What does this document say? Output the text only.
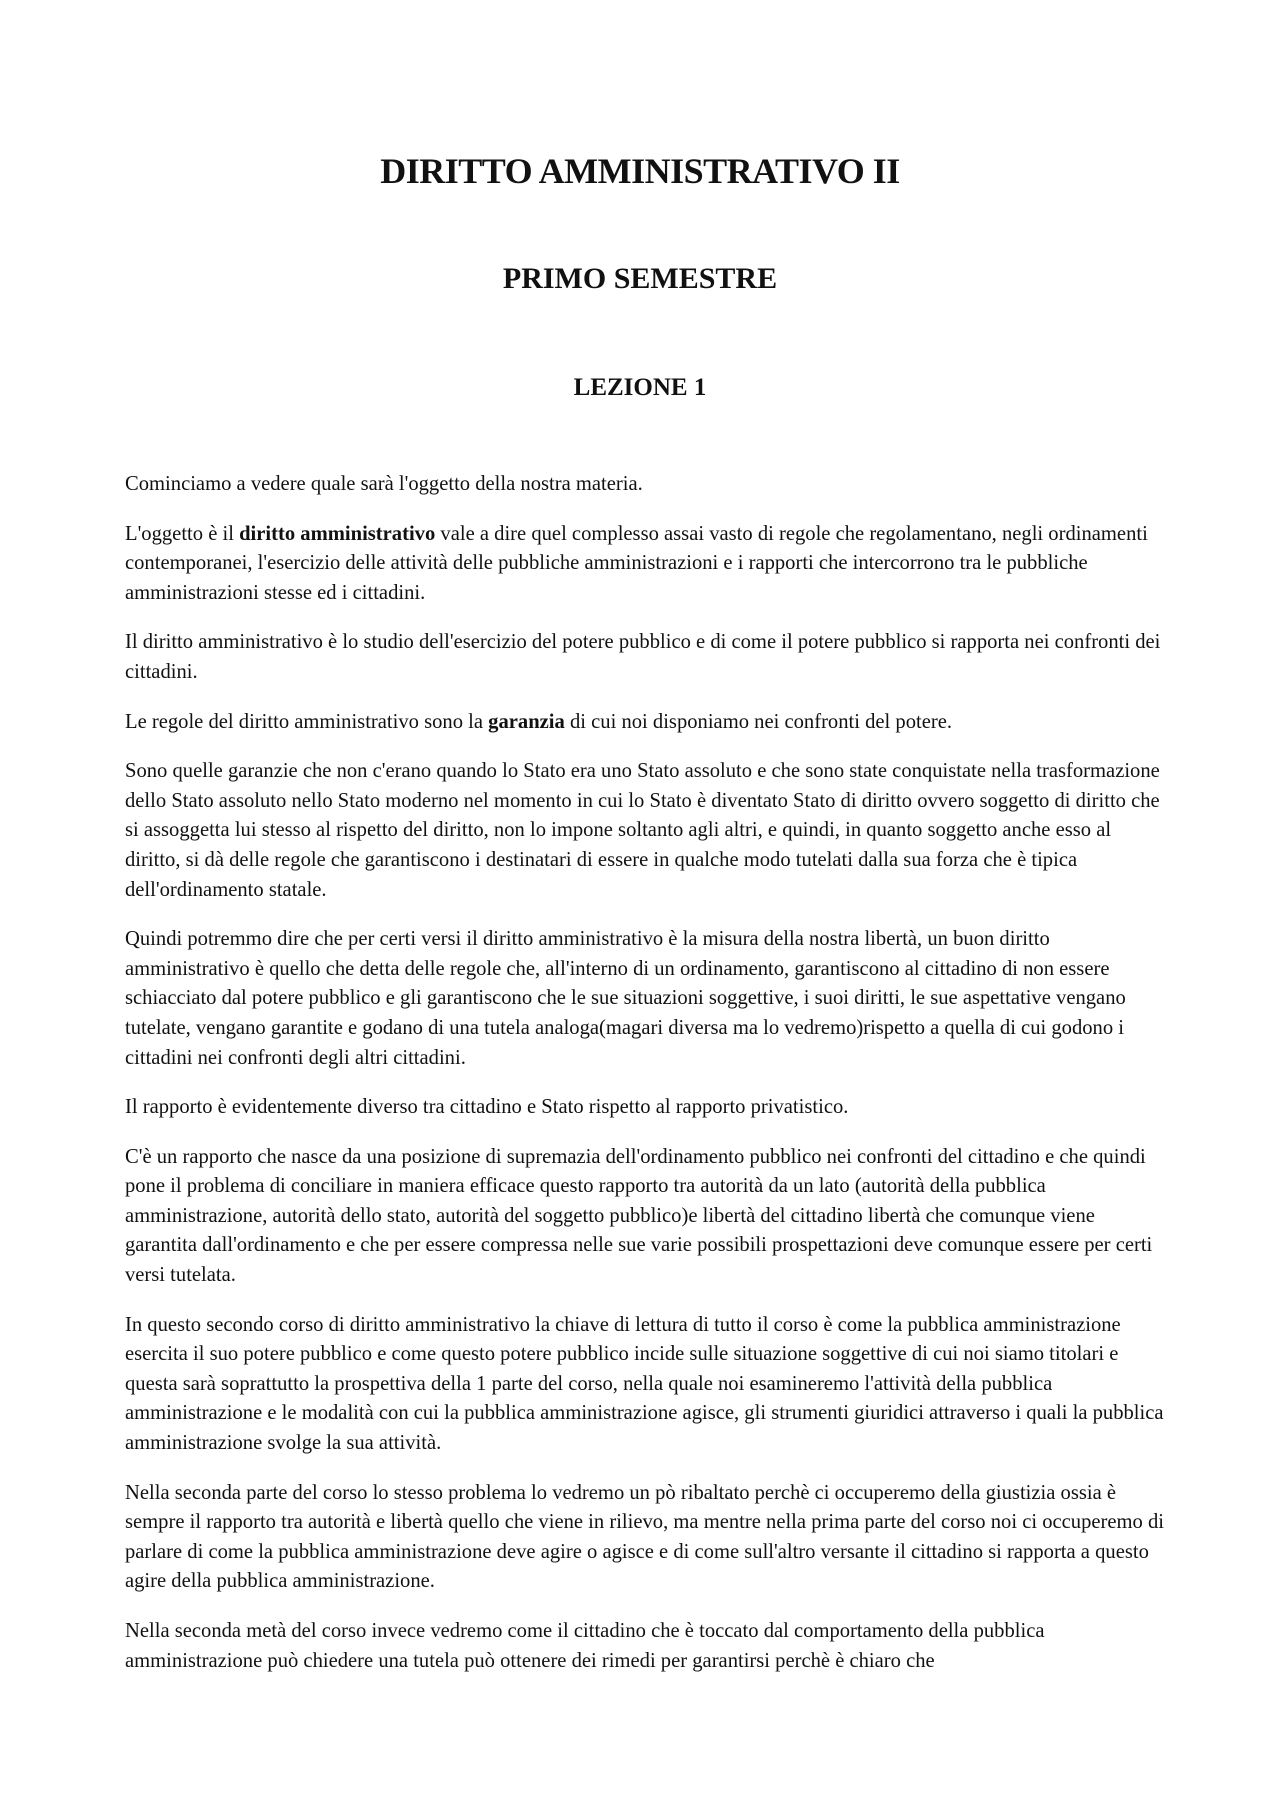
DIRITTO AMMINISTRATIVO II
PRIMO SEMESTRE
LEZIONE 1

Cominciamo a vedere quale sarà l'oggetto della nostra materia.

L'oggetto è il diritto amministrativo vale a dire quel complesso assai vasto di regole che regolamentano, negli ordinamenti contemporanei, l'esercizio delle attività delle pubbliche amministrazioni e i rapporti che intercorrono tra le pubbliche amministrazioni stesse ed i cittadini.

Il diritto amministrativo è lo studio dell'esercizio del potere pubblico e di come il potere pubblico si rapporta nei confronti dei cittadini.

Le regole del diritto amministrativo sono la garanzia di cui noi disponiamo nei confronti del potere.

Sono quelle garanzie che non c'erano quando lo Stato era uno Stato assoluto e che sono state conquistate nella trasformazione dello Stato assoluto nello Stato moderno nel momento in cui lo Stato è diventato Stato di diritto ovvero soggetto di diritto che si assoggetta lui stesso al rispetto del diritto, non lo impone soltanto agli altri, e quindi, in quanto soggetto anche esso al diritto, si dà delle regole che garantiscono i destinatari di essere in qualche modo tutelati dalla sua forza che è tipica dell'ordinamento statale.

Quindi potremmo dire che per certi versi il diritto amministrativo è la misura della nostra libertà, un buon diritto amministrativo è quello che detta delle regole che, all'interno di un ordinamento, garantiscono al cittadino di non essere schiacciato dal potere pubblico e gli garantiscono che le sue situazioni soggettive, i suoi diritti, le sue aspettative vengano tutelate, vengano garantite e godano di una tutela analoga(magari diversa ma lo vedremo)rispetto a quella di cui godono i cittadini nei confronti degli altri cittadini.

Il rapporto è evidentemente diverso tra cittadino e Stato rispetto al rapporto privatistico.

C'è un rapporto che nasce da una posizione di supremazia dell'ordinamento pubblico nei confronti del cittadino e che quindi pone il problema di conciliare in maniera efficace questo rapporto tra autorità da un lato (autorità della pubblica amministrazione, autorità dello stato, autorità del soggetto pubblico)e libertà del cittadino libertà che comunque viene garantita dall'ordinamento e che per essere compressa nelle sue varie possibili prospettazioni deve comunque essere per certi versi tutelata.

In questo secondo corso di diritto amministrativo la chiave di lettura di tutto il corso è come la pubblica amministrazione esercita il suo potere pubblico e come questo potere pubblico incide sulle situazione soggettive di cui noi siamo titolari e questa sarà soprattutto la prospettiva della 1 parte del corso, nella quale noi esamineremo l'attività della pubblica amministrazione e le modalità con cui la pubblica amministrazione agisce, gli strumenti giuridici attraverso i quali la pubblica amministrazione svolge la sua attività.

Nella seconda parte del corso lo stesso problema lo vedremo un pò ribaltato perchè ci occuperemo della giustizia ossia è sempre il rapporto tra autorità e libertà quello che viene in rilievo, ma mentre nella prima parte del corso noi ci occuperemo di parlare di come la pubblica amministrazione deve agire o agisce e di come sull'altro versante il cittadino si rapporta a questo agire della pubblica amministrazione.

Nella seconda metà del corso invece vedremo come il cittadino che è toccato dal comportamento della pubblica amministrazione può chiedere una tutela può ottenere dei rimedi per garantirsi perchè è chiaro che
